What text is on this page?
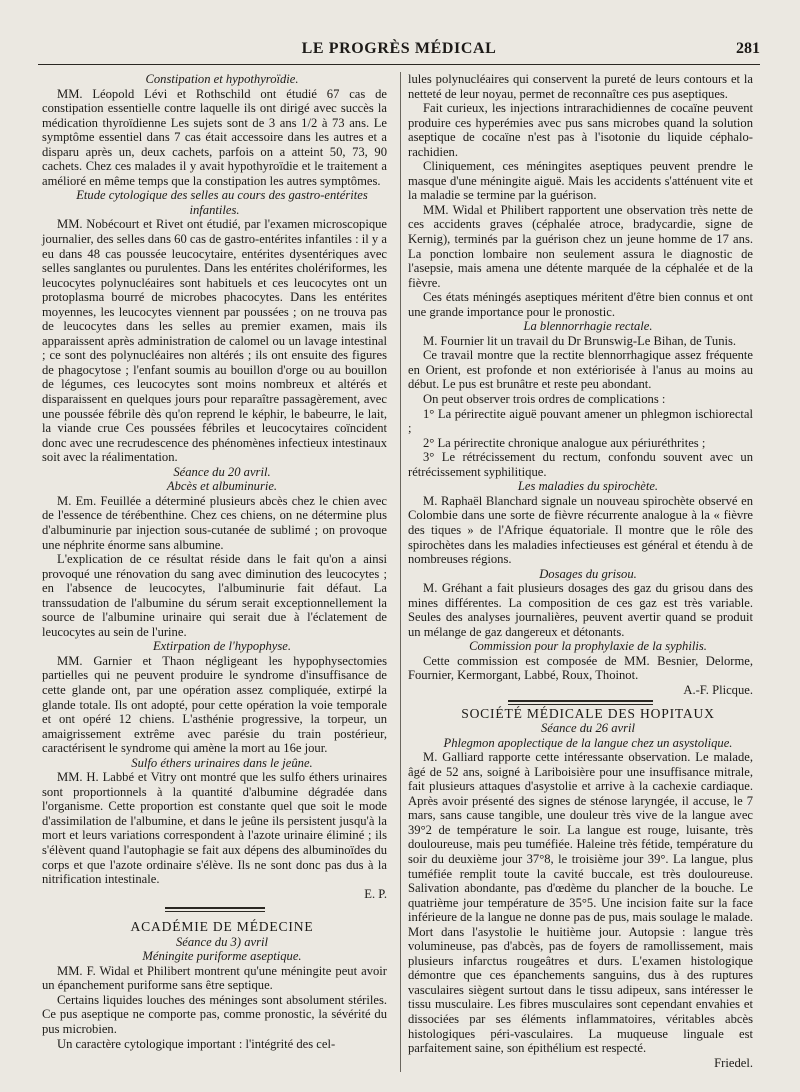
LE PROGRÈS MÉDICAL	281

Constipation et hypothyroïdie.

MM. Léopold Lévi et Rothschild ont étudié 67 cas de constipation essentielle contre laquelle ils ont dirigé avec succès la médication thyroïdienne Les sujets sont de 3 ans 1/2 à 73 ans. Le symptôme essentiel dans 7 cas était accessoire dans les autres et a disparu après un, deux cachets, parfois on a atteint 50, 73, 90 cachets. Chez ces malades il y avait hypothyroïdie et le traitement a amélioré en même temps que la constipation les autres symptômes.

Etude cytologique des selles au cours des gastro-entérites infantiles.

MM. Nobécourt et Rivet ont étudié, par l'examen microscopique journalier, des selles dans 60 cas de gastro-entérites infantiles : il y a eu dans 48 cas poussée leucocytaire, entérites dysentériques avec selles sanglantes ou purulentes. Dans les entérites cholériformes, les leucocytes polynucléaires sont habituels et ces leucocytes ont un protoplasma bourré de microbes phacocytes. Dans les entérites moyennes, les leucocytes viennent par poussées ; on ne trouva pas de leucocytes dans les selles au premier examen, mais ils apparaissent après administration de calomel ou un lavage intestinal ; ce sont des polynucléaires non altérés ; ils ont ensuite des figures de phagocytose ; l'enfant soumis au bouillon d'orge ou au bouillon de légumes, ces leucocytes sont moins nombreux et altérés et disparaissent en quelques jours pour reparaître passagèrement, avec une poussée fébrile dès qu'on reprend le képhir, le babeurre, le lait, la viande crue Ces poussées fébriles et leucocytaires coïncident donc avec une recrudescence des phénomènes infectieux intestinaux soit avec la réalimentation.

Séance du 20 avril.

Abcès et albuminurie.

M. Em. Feuillée a déterminé plusieurs abcès chez le chien avec de l'essence de térébenthine. Chez ces chiens, on ne détermine plus d'albuminurie par injection sous-cutanée de sublimé ; on provoque une néphrite énorme sans albumine.

L'explication de ce résultat réside dans le fait qu'on a ainsi provoqué une rénovation du sang avec diminution des leucocytes ; en l'absence de leucocytes, l'albuminurie fait défaut. La transsudation de l'albumine du sérum serait exceptionnellement la source de l'albumine urinaire qui serait due à l'éclatement de leucocytes au sein de l'urine.

Extirpation de l'hypophyse.

MM. Garnier et Thaon négligeant les hypophysectomies partielles qui ne peuvent produire le syndrome d'insuffisance de cette glande ont, par une opération assez compliquée, extirpé la glande totale. Ils ont adopté, pour cette opération la voie temporale et ont opéré 12 chiens. L'asthénie progressive, la torpeur, un amaigrissement extrême avec parésie du train postérieur, caractérisent le syndrome qui amène la mort au 16e jour.

Sulfo éthers urinaires dans le jeûne.

MM. H. Labbé et Vitry ont montré que les sulfo éthers urinaires sont proportionnels à la quantité d'albumine dégradée dans l'organisme. Cette proportion est constante quel que soit le mode d'assimilation de l'albumine, et dans le jeûne ils persistent jusqu'à la mort et leurs variations correspondent à l'azote urinaire éliminé ; ils s'élèvent quand l'autophagie se fait aux dépens des albuminoïdes du corps et que l'azote ordinaire s'élève. Ils ne sont donc pas dus à la nitrification intestinale.

E. P.

ACADÉMIE DE MÉDECINE

Séance du 3) avril

Méningite puriforme aseptique.

MM. F. Widal et Philibert montrent qu'une méningite peut avoir un épanchement puriforme sans être septique.

Certains liquides louches des méninges sont absolument stériles. Ce pus aseptique ne comporte pas, comme pronostic, la sévérité du pus microbien.

Un caractère cytologique important : l'intégrité des cel-

lules polynucléaires qui conservent la pureté de leurs contours et la netteté de leur noyau, permet de reconnaître ces pus aseptiques.

Fait curieux, les injections intrarachidiennes de cocaïne peuvent produire ces hyperémies avec pus sans microbes quand la solution aseptique de cocaïne n'est pas à l'isotonie du liquide céphalo-rachidien.

Cliniquement, ces méningites aseptiques peuvent prendre le masque d'une méningite aiguë. Mais les accidents s'atténuent vite et la maladie se termine par la guérison.

MM. Widal et Philibert rapportent une observation très nette de ces accidents graves (céphalée atroce, bradycardie, signe de Kernig), terminés par la guérison chez un jeune homme de 17 ans. La ponction lombaire non seulement assura le diagnostic de l'asepsie, mais amena une détente marquée de la céphalée et de la fièvre.

Ces états méningés aseptiques méritent d'être bien connus et ont une grande importance pour le pronostic.

La blennorrhagie rectale.

M. Fournier lit un travail du Dr Brunswig-Le Bihan, de Tunis.

Ce travail montre que la rectite blennorrhagique assez fréquente en Orient, est profonde et non extériorisée à l'anus au moins au début. Le pus est brunâtre et reste peu abondant.

On peut observer trois ordres de complications :

1° La périrectite aiguë pouvant amener un phlegmon ischiorectal ;

2° La périrectite chronique analogue aux périuréthrites ;

3° Le rétrécissement du rectum, confondu souvent avec un rétrécissement syphilitique.

Les maladies du spirochète.

M. Raphaël Blanchard signale un nouveau spirochète observé en Colombie dans une sorte de fièvre récurrente analogue à la « fièvre des tiques » de l'Afrique équatoriale. Il montre que le rôle des spirochètes dans les maladies infectieuses est général et étendu à de nombreuses régions.

Dosages du grisou.

M. Gréhant a fait plusieurs dosages des gaz du grisou dans des mines différentes. La composition de ces gaz est très variable. Seules des analyses journalières, peuvent avertir quand se produit un mélange de gaz dangereux et détonants.

Commission pour la prophylaxie de la syphilis.

Cette commission est composée de MM. Besnier, Delorme, Fournier, Kermorgant, Labbé, Roux, Thoinot.

A.-F. Plicque.

SOCIÉTÉ MÉDICALE DES HOPITAUX

Séance du 26 avril

Phlegmon apoplectique de la langue chez un asystolique.

M. Galliard rapporte cette intéressante observation. Le malade, âgé de 52 ans, soigné à Lariboisière pour une insuffisance mitrale, fait plusieurs attaques d'asystolie et arrive à la cachexie cardiaque. Après avoir présenté des signes de sténose laryngée, il accuse, le 7 mars, sans cause tangible, une douleur très vive de la langue avec 39°2 de température le soir. La langue est rouge, luisante, très douloureuse, mais peu tuméfiée. Haleine très fétide, température du soir du deuxième jour 37°8, le troisième jour 39°. La langue, plus tuméfiée remplit toute la cavité buccale, est très douloureuse. Salivation abondante, pas d'œdème du plancher de la bouche. Le quatrième jour température de 35°5. Une incision faite sur la face inférieure de la langue ne donne pas de pus, mais soulage le malade. Mort dans l'asystolie le huitième jour. Autopsie : langue très volumineuse, pas d'abcès, pas de foyers de ramollissement, mais plusieurs infarctus rougeâtres et durs. L'examen histologique démontre que ces épanchements sanguins, dus à des ruptures vasculaires siègent surtout dans le tissu adipeux, sans intéresser le tissu musculaire. Les fibres musculaires sont cependant envahies et dissociées par ses éléments inflammatoires, véritables abcès histologiques péri-vasculaires. La muqueuse linguale est parfaitement saine, son épithélium est respecté.

Friedel.
